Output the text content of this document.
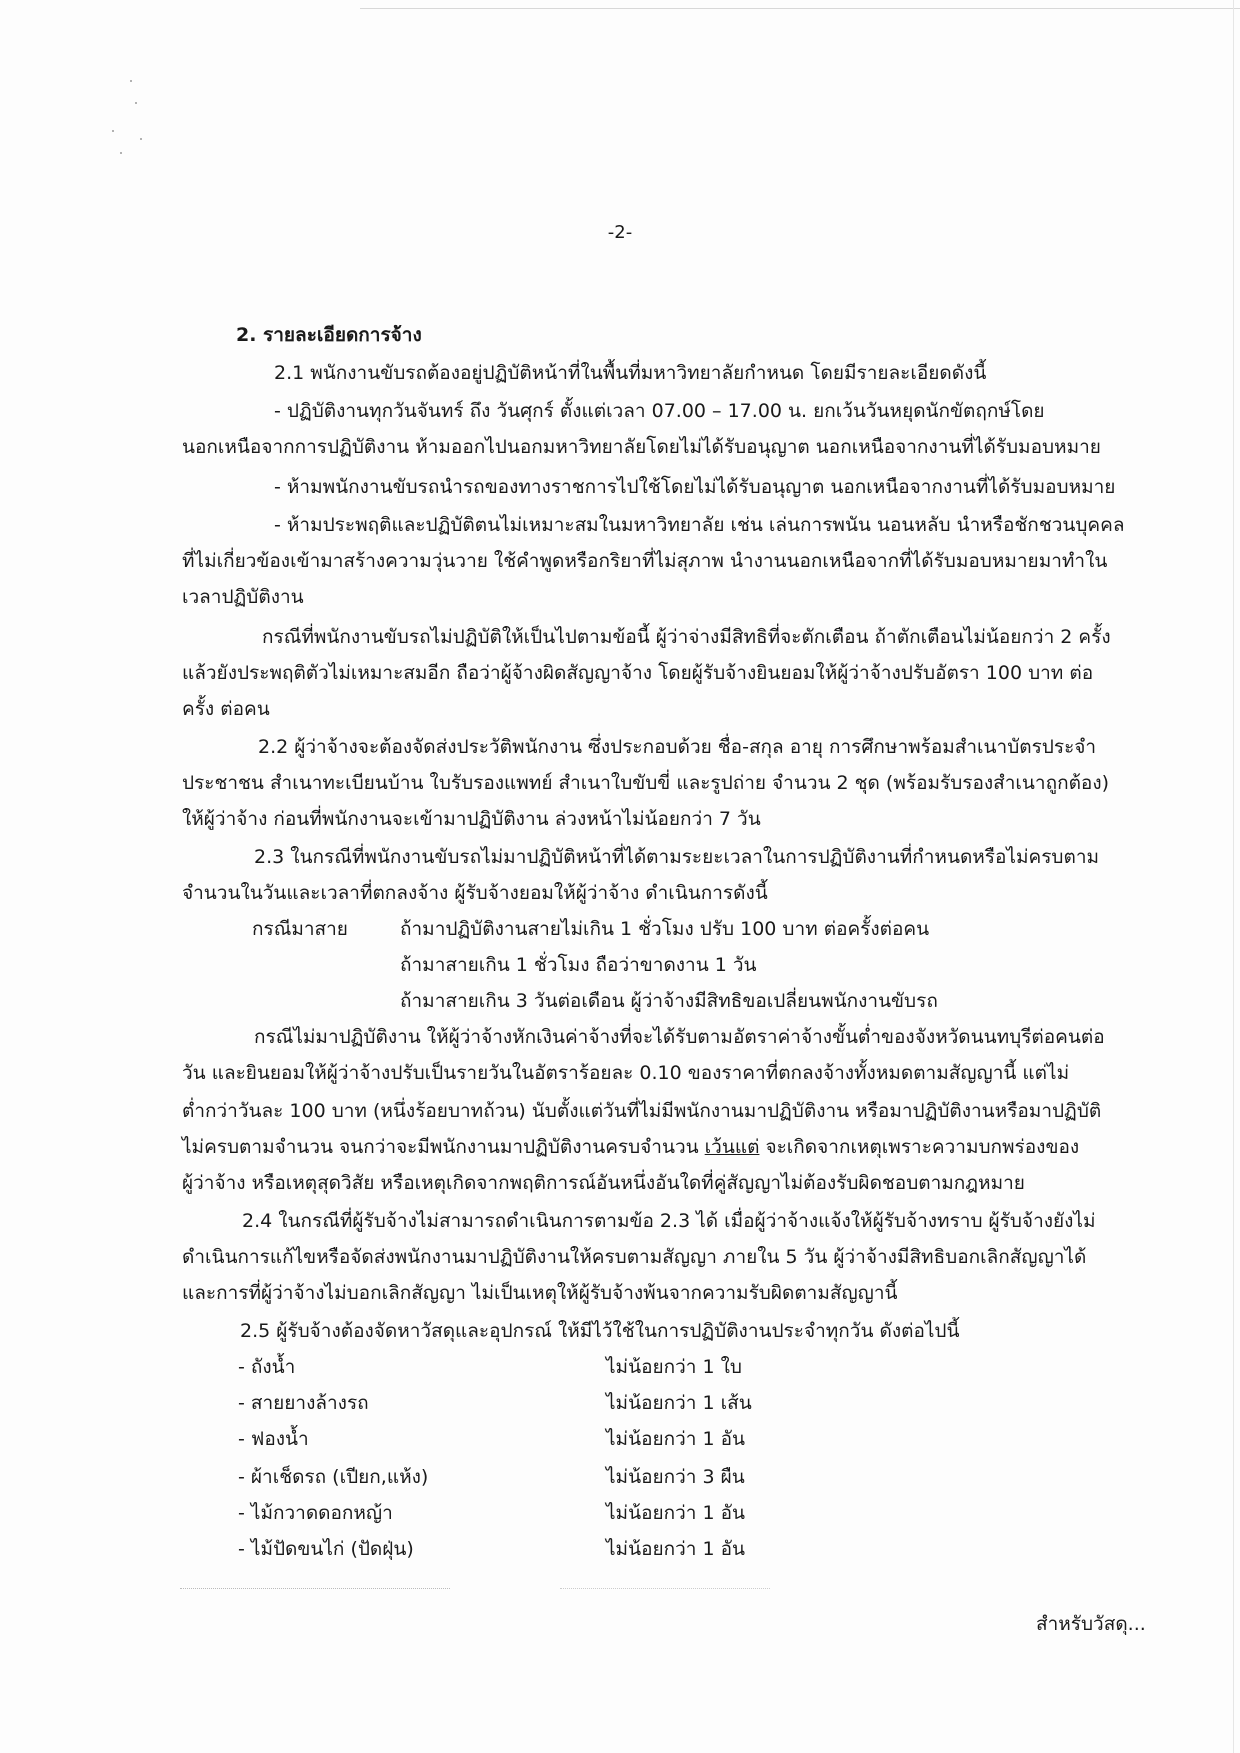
-2-
2. รายละเอียดการจ้าง
2.1 พนักงานขับรถต้องอยู่ปฏิบัติหน้าที่ในพื้นที่มหาวิทยาลัยกำหนด โดยมีรายละเอียดดังนี้
- ปฏิบัติงานทุกวันจันทร์ ถึง วันศุกร์ ตั้งแต่เวลา 07.00 – 17.00 น. ยกเว้นวันหยุดนักขัตฤกษ์โดย
นอกเหนือจากการปฏิบัติงาน ห้ามออกไปนอกมหาวิทยาลัยโดยไม่ได้รับอนุญาต นอกเหนือจากงานที่ได้รับมอบหมาย
- ห้ามพนักงานขับรถนำรถของทางราชการไปใช้โดยไม่ได้รับอนุญาต นอกเหนือจากงานที่ได้รับมอบหมาย
- ห้ามประพฤติและปฏิบัติตนไม่เหมาะสมในมหาวิทยาลัย เช่น เล่นการพนัน นอนหลับ นำหรือชักชวนบุคคล
ที่ไม่เกี่ยวข้องเข้ามาสร้างความวุ่นวาย ใช้คำพูดหรือกริยาที่ไม่สุภาพ นำงานนอกเหนือจากที่ได้รับมอบหมายมาทำใน
เวลาปฏิบัติงาน
กรณีที่พนักงานขับรถไม่ปฏิบัติให้เป็นไปตามข้อนี้ ผู้ว่าจ่างมีสิทธิที่จะตักเตือน ถ้าตักเตือนไม่น้อยกว่า 2 ครั้ง
แล้วยังประพฤติตัวไม่เหมาะสมอีก ถือว่าผู้จ้างผิดสัญญาจ้าง โดยผู้รับจ้างยินยอมให้ผู้ว่าจ้างปรับอัตรา 100 บาท ต่อ
ครั้ง ต่อคน
2.2 ผู้ว่าจ้างจะต้องจัดส่งประวัติพนักงาน ซึ่งประกอบด้วย ชื่อ-สกุล อายุ การศึกษาพร้อมสำเนาบัตรประจำ
ประชาชน สำเนาทะเบียนบ้าน ใบรับรองแพทย์ สำเนาใบขับขี่ และรูปถ่าย จำนวน 2 ชุด (พร้อมรับรองสำเนาถูกต้อง)
ให้ผู้ว่าจ้าง ก่อนที่พนักงานจะเข้ามาปฏิบัติงาน ล่วงหน้าไม่น้อยกว่า 7 วัน
2.3 ในกรณีที่พนักงานขับรถไม่มาปฏิบัติหน้าที่ได้ตามระยะเวลาในการปฏิบัติงานที่กำหนดหรือไม่ครบตาม
จำนวนในวันและเวลาที่ตกลงจ้าง ผู้รับจ้างยอมให้ผู้ว่าจ้าง ดำเนินการดังนี้
กรณีมาสาย	ถ้ามาปฏิบัติงานสายไม่เกิน 1 ชั่วโมง ปรับ 100 บาท ต่อครั้งต่อคน
ถ้ามาสายเกิน 1 ชั่วโมง ถือว่าขาดงาน 1 วัน
ถ้ามาสายเกิน 3 วันต่อเดือน ผู้ว่าจ้างมีสิทธิขอเปลี่ยนพนักงานขับรถ
กรณีไม่มาปฏิบัติงาน ให้ผู้ว่าจ้างหักเงินค่าจ้างที่จะได้รับตามอัตราค่าจ้างขั้นต่ำของจังหวัดนนทบุรีต่อคนต่อ
วัน และยินยอมให้ผู้ว่าจ้างปรับเป็นรายวันในอัตราร้อยละ 0.10 ของราคาที่ตกลงจ้างทั้งหมดตามสัญญานี้ แต่ไม่
ต่ำกว่าวันละ 100 บาท (หนึ่งร้อยบาทถ้วน) นับตั้งแต่วันที่ไม่มีพนักงานมาปฏิบัติงาน หรือมาปฏิบัติงานหรือมาปฏิบัติ
ไม่ครบตามจำนวน จนกว่าจะมีพนักงานมาปฏิบัติงานครบจำนวน เว้นแต่ จะเกิดจากเหตุเพราะความบกพร่องของ
ผู้ว่าจ้าง หรือเหตุสุดวิสัย หรือเหตุเกิดจากพฤติการณ์อันหนึ่งอันใดที่คู่สัญญาไม่ต้องรับผิดชอบตามกฎหมาย
2.4 ในกรณีที่ผู้รับจ้างไม่สามารถดำเนินการตามข้อ 2.3 ได้ เมื่อผู้ว่าจ้างแจ้งให้ผู้รับจ้างทราบ ผู้รับจ้างยังไม่
ดำเนินการแก้ไขหรือจัดส่งพนักงานมาปฏิบัติงานให้ครบตามสัญญา ภายใน 5 วัน ผู้ว่าจ้างมีสิทธิบอกเลิกสัญญาได้
และการที่ผู้ว่าจ้างไม่บอกเลิกสัญญา ไม่เป็นเหตุให้ผู้รับจ้างพ้นจากความรับผิดตามสัญญานี้
2.5 ผู้รับจ้างต้องจัดหาวัสดุและอุปกรณ์ ให้มีไว้ใช้ในการปฏิบัติงานประจำทุกวัน ดังต่อไปนี้
- ถังน้ำ	ไม่น้อยกว่า 1 ใบ
- สายยางล้างรถ	ไม่น้อยกว่า 1 เส้น
- ฟองน้ำ	ไม่น้อยกว่า 1 อัน
- ผ้าเช็ดรถ (เปียก,แห้ง)	ไม่น้อยกว่า 3 ผืน
- ไม้กวาดดอกหญ้า	ไม่น้อยกว่า 1 อัน
- ไม้ปัดขนไก่ (ปัดฝุ่น)	ไม่น้อยกว่า 1 อัน
สำหรับวัสดุ...
